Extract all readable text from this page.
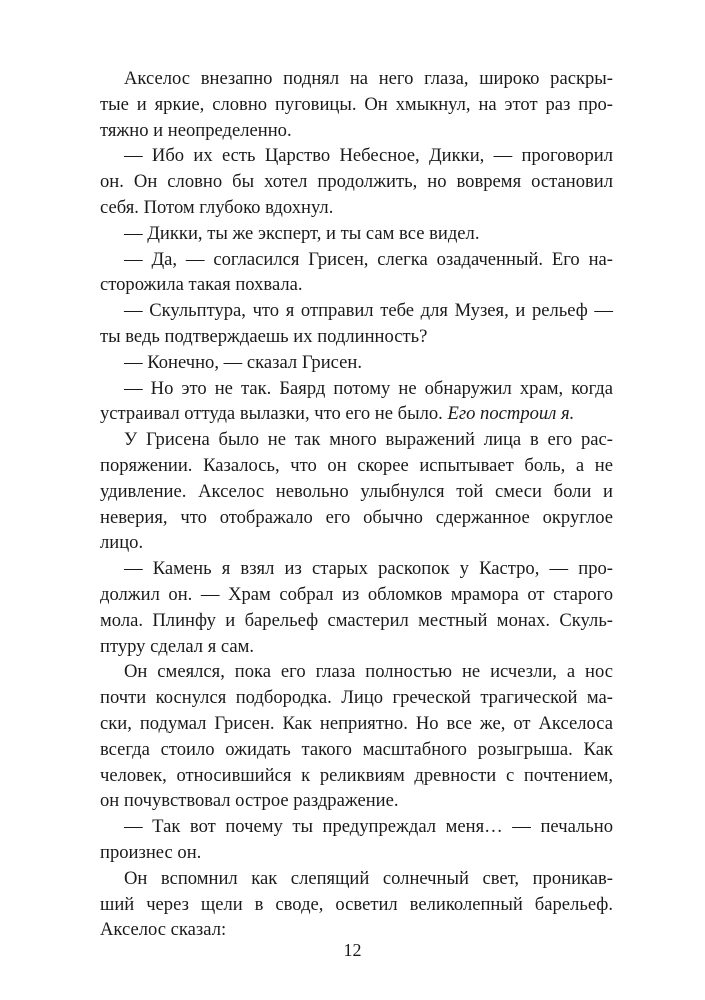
Акселос внезапно поднял на него глаза, широко раскры-
тые и яркие, словно пуговицы. Он хмыкнул, на этот раз про-
тяжно и неопределенно.
— Ибо их есть Царство Небесное, Дикки, — проговорил
он. Он словно бы хотел продолжить, но вовремя остановил
себя. Потом глубоко вдохнул.
— Дикки, ты же эксперт, и ты сам все видел.
— Да, — согласился Грисен, слегка озадаченный. Его на-
сторожила такая похвала.
— Скульптура, что я отправил тебе для Музея, и рельеф —
ты ведь подтверждаешь их подлинность?
— Конечно, — сказал Грисен.
— Но это не так. Баярд потому не обнаружил храм, когда
устраивал оттуда вылазки, что его не было. Его построил я.
У Грисена было не так много выражений лица в его рас-
поряжении. Казалось, что он скорее испытывает боль, а не
удивление. Акселос невольно улыбнулся той смеси боли и
неверия, что отображало его обычно сдержанное округлое
лицо.
— Камень я взял из старых раскопок у Кастро, — про-
должил он. — Храм собрал из обломков мрамора от старого
мола. Плинфу и барельеф смастерил местный монах. Скуль-
птуру сделал я сам.
Он смеялся, пока его глаза полностью не исчезли, а нос
почти коснулся подбородка. Лицо греческой трагической ма-
ски, подумал Грисен. Как неприятно. Но все же, от Акселоса
всегда стоило ожидать такого масштабного розыгрыша. Как
человек, относившийся к реликвиям древности с почтением,
он почувствовал острое раздражение.
— Так вот почему ты предупреждал меня… — печально
произнес он.
Он вспомнил как слепящий солнечный свет, проникав-
ший через щели в своде, осветил великолепный барельеф.
Акселос сказал:
12
